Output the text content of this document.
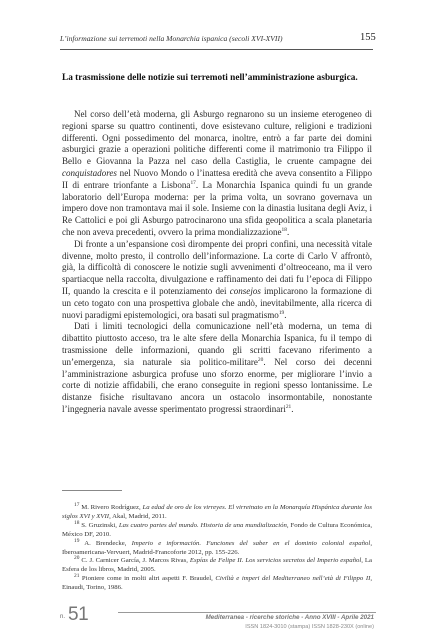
L’informazione sui terremoti nella Monarchia ispanica (secoli XVI-XVII)	155
La trasmissione delle notizie sui terremoti nell’amministrazione asburgica.

Nel corso dell’età moderna, gli Asburgo regnarono su un insieme eterogeneo di regioni sparse su quattro continenti, dove esistevano culture, religioni e tradizioni differenti. Ogni possedimento del monarca, inoltre, entrò a far parte dei domini asburgici grazie a operazioni politiche differenti come il matrimonio tra Filippo il Bello e Giovanna la Pazza nel caso della Castiglia, le cruente campagne dei conquistadores nel Nuovo Mondo o l’inattesa eredità che aveva consentito a Filippo II di entrare trionfante a Lisbona$^{17}$. La Monarchia Ispanica quindi fu un grande laboratorio dell’Europa moderna: per la prima volta, un sovrano governava un impero dove non tramontava mai il sole. Insieme con la dinastia lusitana degli Aviz, i Re Cattolici e poi gli Asburgo patrocinarono una sfida geopolitica a scala planetaria che non aveva precedenti, ovvero la prima mondializzazione$^{18}$.

Di fronte a un’espansione così dirompente dei propri confini, una necessità vitale divenne, molto presto, il controllo dell’informazione. La corte di Carlo V affrontò, già, la difficoltà di conoscere le notizie sugli avvenimenti d’oltreoceano, ma il vero spartiacque nella raccolta, divulgazione e raffinamento dei dati fu l’epoca di Filippo II, quando la crescita e il potenziamento dei consejos implicarono la formazione di un ceto togato con una prospettiva globale che andò, inevitabilmente, alla ricerca di nuovi paradigmi epistemologici, ora basati sul pragmatismo$^{19}$.

Dati i limiti tecnologici della comunicazione nell’età moderna, un tema di dibattito piuttosto acceso, tra le alte sfere della Monarchia Ispanica, fu il tempo di trasmissione delle informazioni, quando gli scritti facevano riferimento a un’emergenza, sia naturale sia politico-militare$^{20}$. Nel corso dei decenni l’amministrazione asburgica profuse uno sforzo enorme, per migliorare l’invio a corte di notizie affidabili, che erano conseguite in regioni spesso lontanissime. Le distanze fisiche risultavano ancora un ostacolo insormontabile, nonostante l’ingegneria navale avesse sperimentato progressi straordinari$^{21}$.

$^{17}$ M. Rivero Rodríguez, La edad de oro de los virreyes. El virreinato en la Monarquía Hispánica durante los siglos XVI y XVII, Akal, Madrid, 2011.

$^{18}$ S. Gruzinski, Las cuatro partes del mundo. Historia de una mundialización, Fondo de Cultura Económica, México DF, 2010.

$^{19}$ A. Brendecke, Imperio e información. Funciones del saber en el dominio colonial español, Iberoamericana-Vervuert, Madrid-Francoforte 2012, pp. 155-226.

$^{20}$ C. J. Carnicer García, J. Marcos Rivas, Espías de Felipe II. Los servicios secretos del Imperio español, La Esfera de los libros, Madrid, 2005.

$^{21}$ Pioniere come in molti altri aspetti F. Braudel, Civiltà e imperi del Mediterraneo nell’età di Filippo II, Einaudi, Torino, 1986.

n. 51	Mediterranea - ricerche storiche - Anno XVIII - Aprile 2021
ISSN 1824-3010 (stampa) ISSN 1828-230X (online)
